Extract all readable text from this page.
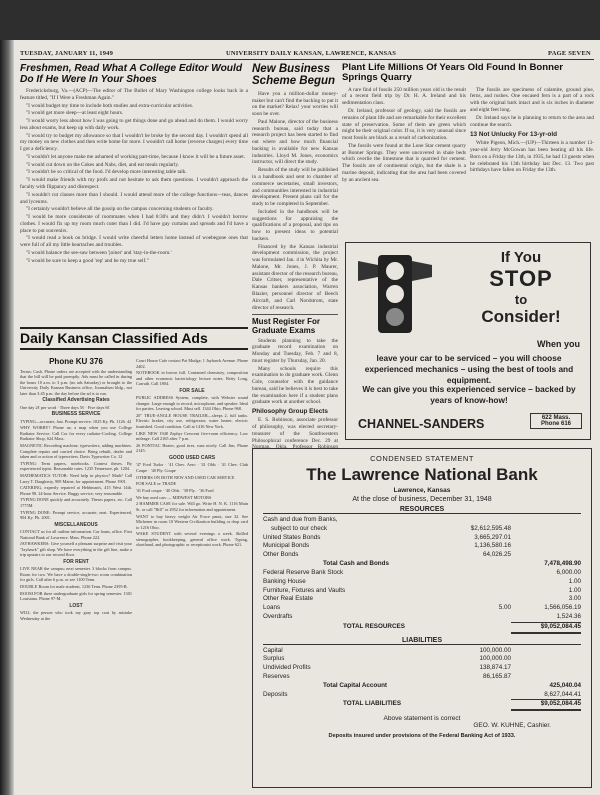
TUESDAY, JANUARY 11, 1949	UNIVERSITY DAILY KANSAN, LAWRENCE, KANSAS	PAGE SEVEN
Freshmen, Read What A College Editor Would Do If He Were In Your Shoes

Fredericksburg, Va.—(ACP)—The editor of The Bullet of Mary Washington college looks back in a feature titled, "If I Were a Freshman Again."

"I would budget my time to include both studies and extra-curricular activities.

"I would get more sleep—at least eight hours.

"I would worry less about how I was going to get things done and go ahead and do them. I would worry less about exams, but keep up with daily work.

"I would try to budget my allowance so that I wouldn't be broke by the second day. I wouldn't spend all my money on new clothes and then write home for more. I wouldn't call home (reverse charges) every time I got a deficiency.

"I wouldn't let anyone make me ashamed of working part-time, because I know it will be a future asset.

"I would cut down on the Cokes and Nabs, diet, and eat meals regularly.

"I wouldn't be so critical of the food. I'd develop more interesting table talk.

"I would make friends with my profs and not hesitate to ask them questions. I wouldn't approach the faculty with flippancy and disrespect.

"I wouldn't cut classes more than I should. I would attend more of the college functions—teas, dances and lyceums.

"I certainly wouldn't believe all the gossip on the campus concerning students or faculty.

"I would be more considerate of roommates when I had 8:30's and they didn't. I wouldn't borrow clothes. I would fix up my room much cuter than I did. I'd have gay curtains and spreads and I'd have a place to put souvenirs.

"I would read a book on bridge. I would write cheerful letters home instead of woebegone ones that were full of all my little heartaches and troubles.

"I would balance the see-saw between 'joiner' and 'stay-in-the-room.'

"I would be sure to keep a good 'rep' and be my true self."

New Business Scheme Begun

Have you a million-dollar money-maker but can't find the backing to put it on the market? Relax! your worries will soon be over.

Paul Malone, director of the business research bureau, said today that a research project has been started to find out where and how much financial backing is available for new Kansas industries. Lloyd M. Jones, economics instructor, will direct the study.

Results of the study will be published in a handbook and sent to chamber of commerce secretaries, small investors, and communities interested in industrial development. Present plans call for the study to be completed in September.

Included in the handbook will be suggestions for appraising the qualifications of a proposal, and tips on how to present ideas to potential backers.

Financed by the Kansas industrial development commission, the project was formulated Jan. 4 in Wichita by Mr. Malone, Mr. Jones, J. P. Maurer, assistant director of the research bureau, Dale Critser, representative of the Kansas bankers association, Warren Blazier, personnel director of Beech Aircraft, and Carl Nordstrom, state director of research.

Must Register For Graduate Exams

Students planning to take the graduate record examination on Monday and Tuesday, Feb. 7 and 8, must register by Thursday, Jan. 20.

Many schools require this examination to do graduate work. Glenn Cole, counselor with the guidance bureau, said he believes it is best to take the examination here if a student plans graduate work at another school.

Philosophy Group Elects

E. S. Robinson, associate professor of philosophy, was elected secretary-treasurer of the Southwestern Philosophical conference Dec. 29 at

Plant Life Millions Of Years Old Found In Bonner Springs Quarry

A rare find of fossils 250 million years old is the result of a recent field trip by Dr. H. A. Ireland and his sedimentation class.

Dr. Ireland, professor of geology, said the fossils are remains of plant life and are remarkable for their excellent state of preservation. Some of them are green which might be their original color. If so, it is very unusual since most fossils are black as a result of carbonization.

The fossils were found at the Lone Star cement quarry at Bonner Springs. They were uncovered in shale beds which overlie the limestone that is quarried for cement. The fossils are of continental origin, but the shale is a marine deposit, indicating that the area had been covered by an ancient sea.

The fossils are specimens of calamite, ground pine, ferns, and rushes. One encased fern is a part of a rock with the original bark intact and is six inches in diameter and eight feet long.

Dr. Ireland says he is planning to return to the area and continue the search.

13 Not Unlucky For 13-yr-old

White Pigeon, Mich.—(UP)—Thirteen is a number 13-year-old Jerry McGowan has been beating all his life. Born on a Friday the 13th, in 1935, he had 13 guests when he celebrated his 13th birthday last Dec. 13. Two past birthdays have fallen on Friday the 13th.

If You
STOP
to
Consider!
When you
leave your car to be serviced – you will choose experienced mechanics – using the best of tools and equipment.
We can give you this experienced service – backed by years of know-how!
CHANNEL-SANDERS	622 Mass.
Phone 616
Daily Kansan Classified Ads
Phone KU 376

Terms: Cash. Phone orders are accepted with the understanding that the bill will be paid promptly. Ads must be called in during the hours 10 a.m. to 3 p.m. (no ads Saturday) or brought to the University Daily Kansan Business office, Journalism bldg., not later than 3:45 p.m. the day before the ad is to run.

Classified Advertising Rates

One day 2¢ per word · Three days 5¢ · Five days 6¢

BUSINESS SERVICE

TYPING—accurate, fast. Prompt service. 1025 Ky. Ph. 1126. 42

WHY WORRY? Phone us; a map when you use College Radiator Service. Call Cor for every radiator-Cooling. College Radiator Shop, 624 Mass.

MAGNETIC Recording machine, typewriters, adding machines. Complete repairs and carried choice. Bring rebuilt, dealer and taken and or action of typewriters. Davis Typewriter Co. 12

TYPING: Term papers, notebooks. Contest theses. By experienced typist. Reasonable rates. 1235 Tennessee, ph. 1204.

MATHEMATICS TUTOR: Need help in physics? Math? Call Larry T. Daugherty, 909 Maine, for appointment. Phone 1901.

CATERING, expertly repaired at Hebbman's, 415 West 14th. Phone 98. 24-hour Service. Buggy service; very reasonable.

TYPING DONE quickly and accurately. Theses papers, etc. Call 1775M.

TYPING DONE: Prompt service, accurate, neat. Experienced, 904 Ky. Ph. 2001.

MISCELLANEOUS

CONTACT us for all outline information. Car loans, office. First National Bank of Lawrence. Mass. Phone 222.

JAYHAWKERS: Give yourself a pleasant surprise and visit your "Jayhawk" gift shop. We have everything in the gift line, make a trip upstairs to our second floor.

FOR RENT

LIVE NEAR the campus; next semester. 3 blocks from campus. Room for two. We have a double-single-two room combination for girls. Call after 6 p.m. or see 1100 Tenn.

DOUBLE Room for male students. 1236 Tenn. Phone 2395-R.

ROOM FOR three undergraduate girls for spring semester. 1301 Louisiana. Phone 97-M.

LOST

WILL the person who took my gray top coat by mistake Wednesday at the

Court House Cafe contact Pat Mudge, 1 Jayhawk Avenue. Phone 2402.

NOTEBOOK in brown full. Contained chemistry, composition and other economic bacteriology lecture notes. Betty Long, Carruth. Call 1804.

FOR SALE

PUBLIC ADDRESS System, complete, with Webster sound changer. Large enough to record, microphone, and speaker. Ideal for parties. Leaving school. Must sell. 1344 Ohio, Phone 968.

20" TRUE-ANGLE HOUSE TRAILER—sleeps 2, full tanks. Electric brakes, city use, refrigerator, water heater, electric furnished. Good condition. Call at 1416 New York.

LIKE NEW 1948 Zephyr Crescent five-room efficiency. Low mileage. Call 2165 after 7 p.m.

26 PONTIAC Heater, good tires, runs nicely. Call Jim, Phone 2145.

GOOD USED CARS

'47 Ford Tudor · '41 Chev. Aero · '41 Olds · '41 Chev. Club Coupe · '40 Ply. Coupe

OTHERS ON BOTH NEW AND USED CAR SERVICE

FOR SALE or TRADE

'41 Ford coupe · '40 Olds · '38 Ply. · '36 Ford

We buy used cars — MIDWEST MOTORS

2 HAMMER CASE for sale. Will go. Write H. N. K. 1116 Main St. or call "Bill" or 2952 for information and appointment.

WANT to buy heavy weight Air Force pants, size 32. See Michener in room 10 Western Civilization building or drop card to 1216 Ohio.

WAKE STUDENT with several evenings a week. Skilled stenographer, bookkeeping, general office work. Typing, shorthand, and photographic or receptionist work. Phone 621.

CONDENSED STATEMENT
The Lawrence National Bank
Lawrence, Kansas
At the close of business, December 31, 1948
RESOURCES
Cash and due from Banks,
subject to our check	$2,612,595.48
United States Bonds	3,665,297.01
Municipal Bonds	1,136,580.16
Other Bonds	64,026.25
Total Cash and Bonds	7,478,498.90
Federal Reserve Bank Stock	6,000.00
Banking House	1.00
Furniture, Fixtures and Vaults	1.00
Other Real Estate	3.00
Loans	5.00	1,566,056.19
Overdrafts	1,524.36
TOTAL RESOURCES	$9,052,084.45
LIABILITIES
Capital	100,000.00
Surplus	100,000.00
Undivided Profits	138,874.17
Reserves	86,165.87
Total Capital Account	425,040.04
Deposits	8,627,044.41
TOTAL LIABILITIES	$9,052,084.45
Above statement is correct
GEO. W. KUHNE, Cashier.
Deposits insured under provisions of the Federal Banking Act of 1933.
